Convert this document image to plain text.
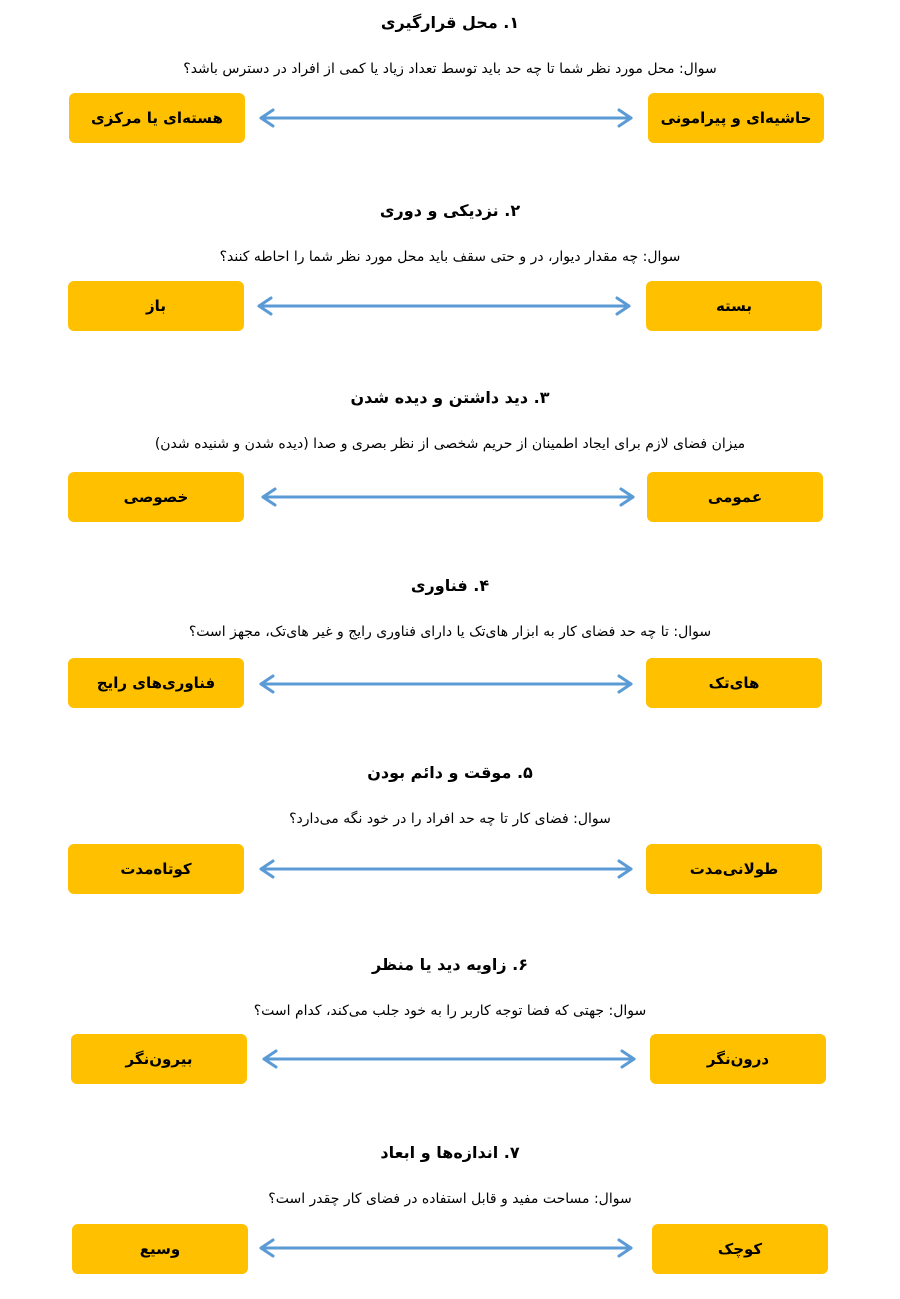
۱. محل قرارگیری
سوال: محل مورد نظر شما تا چه حد باید توسط تعداد زیاد یا کمی از افراد در دسترس باشد؟
هسته‌ای یا مرکزی	حاشیه‌ای و پیرامونی
۲. نزدیکی و دوری
سوال: چه مقدار دیوار، در و حتی سقف باید محل مورد نظر شما را احاطه کنند؟
باز	بسته
۳. دید داشتن و دیده شدن
میزان فضای لازم برای ایجاد اطمینان از حریم شخصی از نظر بصری و صدا (دیده شدن و شنیده شدن)
خصوصی	عمومی
۴. فناوری
سوال: تا چه حد فضای کار به ابزار های‌تک یا دارای فناوری رایج و غیر های‌تک، مجهز است؟
فناوری‌های رایج	های‌تک
۵. موقت و دائم بودن
سوال: فضای کار تا چه حد افراد را در خود نگه می‌دارد؟
کوتاه‌مدت	طولانی‌مدت
۶. زاویه دید یا منظر
سوال: جهتی که فضا توجه کاربر را به خود جلب می‌کند، کدام است؟
بیرون‌نگر	درون‌نگر
۷. اندازه‌ها و ابعاد
سوال: مساحت مفید و قابل استفاده در فضای کار چقدر است؟
وسیع	کوچک
